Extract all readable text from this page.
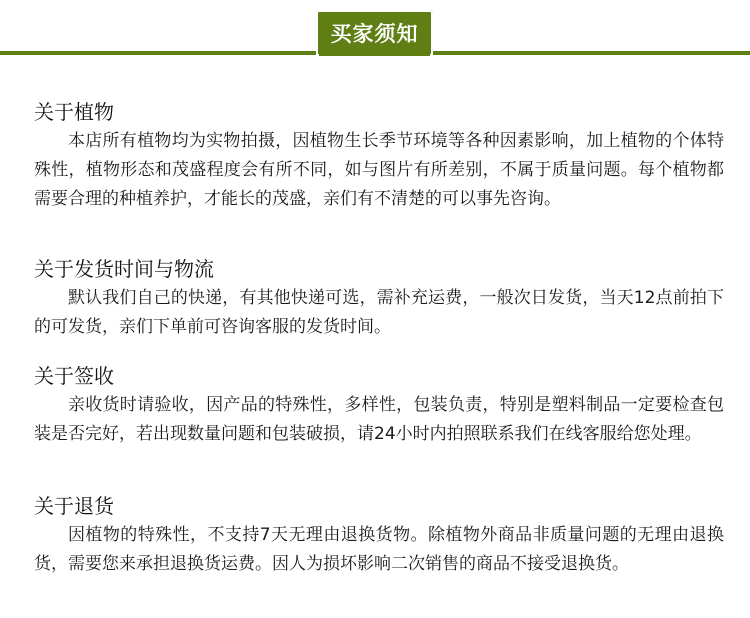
买家须知
关于植物

本店所有植物均为实物拍摄，因植物生长季节环境等各种因素影响，加上植物的个体特殊性，植物形态和茂盛程度会有所不同，如与图片有所差别，不属于质量问题。每个植物都需要合理的种植养护，才能长的茂盛，亲们有不清楚的可以事先咨询。

关于发货时间与物流

默认我们自己的快递，有其他快递可选，需补充运费，一般次日发货，当天12点前拍下的可发货，亲们下单前可咨询客服的发货时间。

关于签收

亲收货时请验收，因产品的特殊性，多样性，包装负责，特别是塑料制品一定要检查包装是否完好，若出现数量问题和包装破损，请24小时内拍照联系我们在线客服给您处理。

关于退货

因植物的特殊性，不支持7天无理由退换货物。除植物外商品非质量问题的无理由退换货，需要您来承担退换货运费。因人为损坏影响二次销售的商品不接受退换货。
